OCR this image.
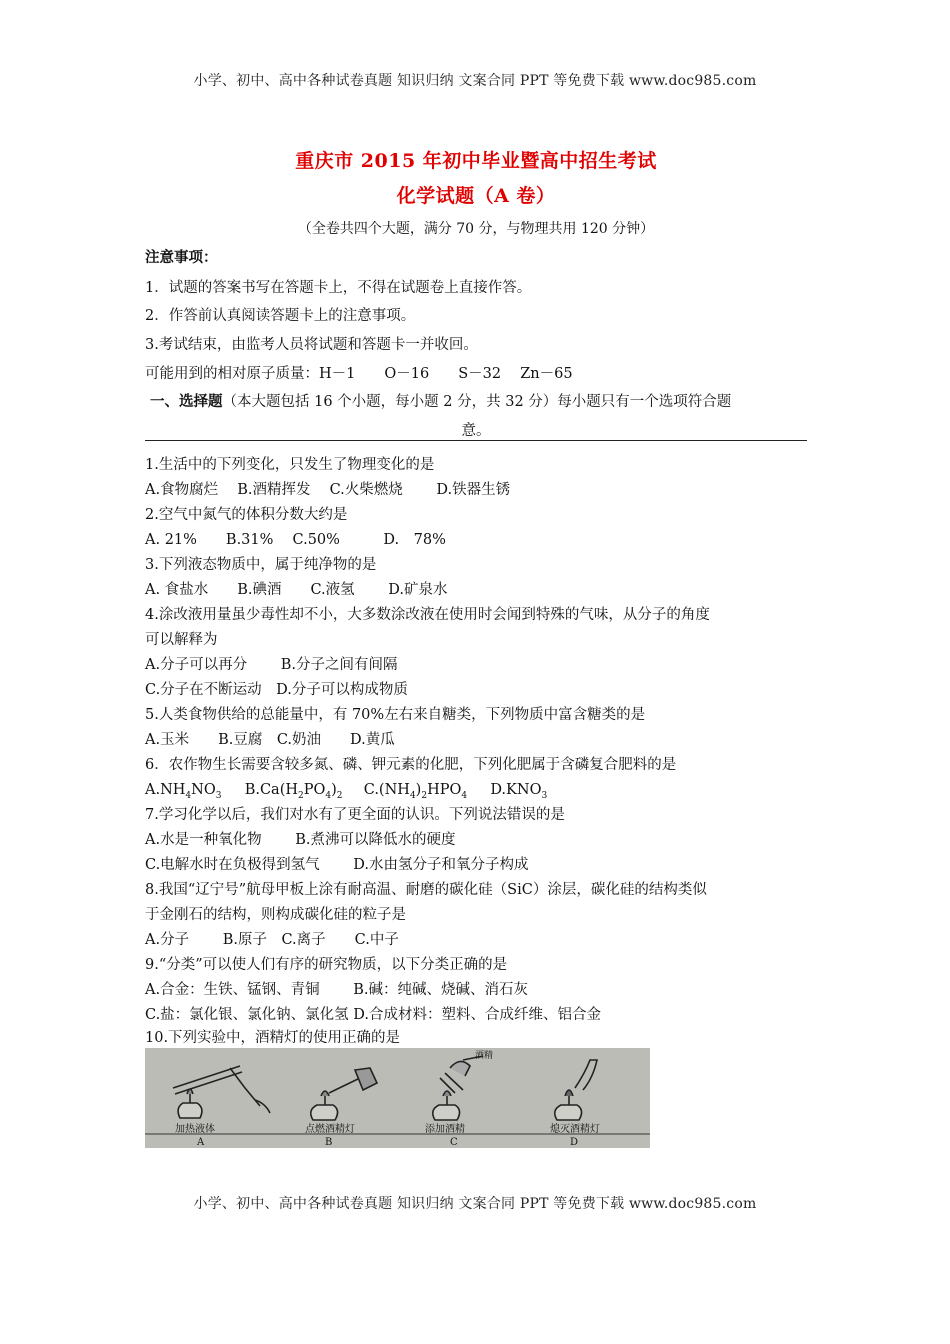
小学、初中、高中各种试卷真题 知识归纳 文案合同 PPT 等免费下载 www.doc985.com
重庆市 2015 年初中毕业暨高中招生考试
化学试题（A 卷）
（全卷共四个大题，满分 70 分，与物理共用 120 分钟）
注意事项：
1．试题的答案书写在答题卡上，不得在试题卷上直接作答。
2．作答前认真阅读答题卡上的注意事项。
3.考试结束，由监考人员将试题和答题卡一并收回。
可能用到的相对原子质量：H－1　　O－16　　S－32　 Zn－65
一、选择题（本大题包括 16 个小题，每小题 2 分，共 32 分）每小题只有一个选项符合题
意。
1.生活中的下列变化，只发生了物理变化的是
A.食物腐烂　 B.酒精挥发　 C.火柴燃烧　　 D.铁器生锈
2.空气中氮气的体积分数大约是
A. 21%　　B.31%　 C.50%　　　D.　78%
3.下列液态物质中，属于纯净物的是
A. 食盐水　　B.碘酒　　C.液氢　　 D.矿泉水
4.涂改液用量虽少毒性却不小，大多数涂改液在使用时会闻到特殊的气味，从分子的角度
可以解释为
A.分子可以再分　　 B.分子之间有间隔
C.分子在不断运动　D.分子可以构成物质
5.人类食物供给的总能量中，有 70%左右来自糖类，下列物质中富含糖类的是
A.玉米　　B.豆腐　C.奶油　　D.黄瓜
6．农作物生长需要含较多氮、磷、钾元素的化肥，下列化肥属于含磷复合肥料的是
$A.NH_4NO_3$ $B.Ca(H_2PO_4)_2$ $C.(NH_4)_2HPO_4$ $D.KNO_3$
7.学习化学以后，我们对水有了更全面的认识。下列说法错误的是
A.水是一种氧化物　　 B.煮沸可以降低水的硬度
C.电解水时在负极得到氢气　　 D.水由氢分子和氧分子构成
8.我国“辽宁号”航母甲板上涂有耐高温、耐磨的碳化硅（SiC）涂层，碳化硅的结构类似
于金刚石的结构，则构成碳化硅的粒子是
A.分子　　 B.原子　C.离子　　C.中子
9.“分类”可以使人们有序的研究物质，以下分类正确的是
A.合金：生铁、锰钢、青铜　　 B.碱：纯碱、烧碱、消石灰
C.盐：氯化银、氯化钠、氯化氢 D.合成材料：塑料、合成纤维、铝合金
10.下列实验中，酒精灯的使用正确的是
加热液体	点燃酒精灯	添加酒精	熄灭酒精灯
酒精
A	B	C	D
小学、初中、高中各种试卷真题 知识归纳 文案合同 PPT 等免费下载 www.doc985.com
